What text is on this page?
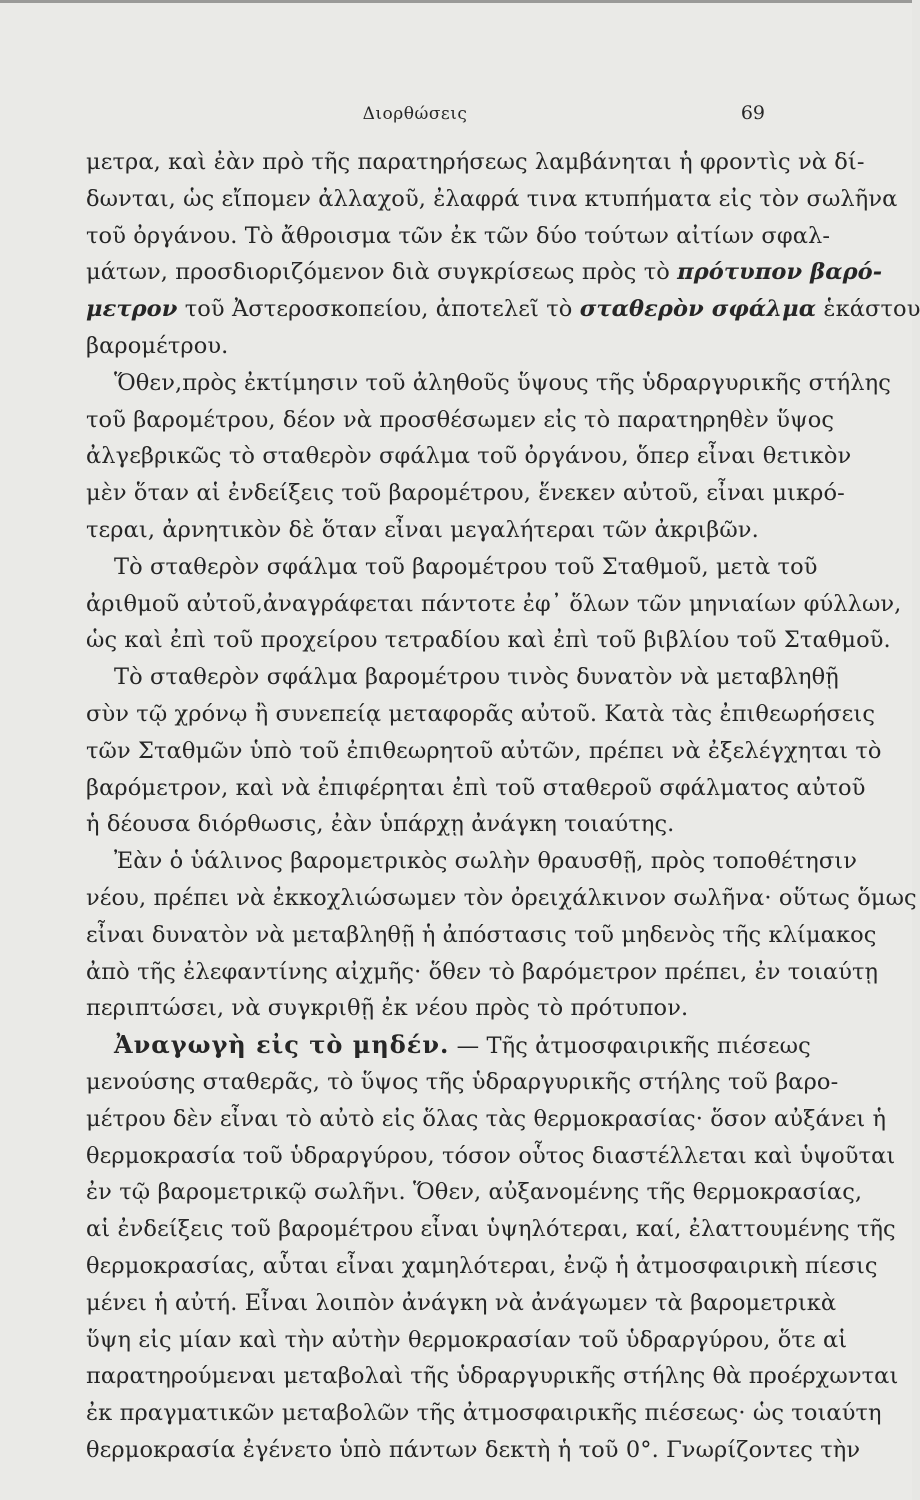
Διορθώσεις	69
μετρα, καὶ ἐὰν πρὸ τῆς παρατηρήσεως λαμβάνηται ἡ φροντὶς νὰ δί-
δωνται, ὡς εἴπομεν ἀλλαχοῦ, ἐλαφρά τινα κτυπήματα εἰς τὸν σωλῆνα
τοῦ ὀργάνου. Τὸ ἄθροισμα τῶν ἐκ τῶν δύο τούτων αἰτίων σφαλ-
μάτων, προσδιοριζόμενον διὰ συγκρίσεως πρὸς τὸ πρότυπον βαρό-
μετρον τοῦ Ἀστεροσκοπείου, ἀποτελεῖ τὸ σταθερὸν σφάλμα ἑκάστου
βαρομέτρου.
Ὅθεν,πρὸς ἐκτίμησιν τοῦ ἀληθοῦς ὕψους τῆς ὑδραργυρικῆς στήλης
τοῦ βαρομέτρου, δέον νὰ προσθέσωμεν εἰς τὸ παρατηρηθὲν ὕψος
ἀλγεβρικῶς τὸ σταθερὸν σφάλμα τοῦ ὀργάνου, ὅπερ εἶναι θετικὸν
μὲν ὅταν αἱ ἐνδείξεις τοῦ βαρομέτρου, ἕνεκεν αὐτοῦ, εἶναι μικρό-
τεραι, ἀρνητικὸν δὲ ὅταν εἶναι μεγαλήτεραι τῶν ἀκριβῶν.
Τὸ σταθερὸν σφάλμα τοῦ βαρομέτρου τοῦ Σταθμοῦ, μετὰ τοῦ
ἀριθμοῦ αὐτοῦ,ἀναγράφεται πάντοτε ἐφ᾽ ὅλων τῶν μηνιαίων φύλλων,
ὡς καὶ ἐπὶ τοῦ προχείρου τετραδίου καὶ ἐπὶ τοῦ βιβλίου τοῦ Σταθμοῦ.
Τὸ σταθερὸν σφάλμα βαρομέτρου τινὸς δυνατὸν νὰ μεταβληθῇ
σὺν τῷ χρόνῳ ἢ συνεπείᾳ μεταφορᾶς αὐτοῦ. Κατὰ τὰς ἐπιθεωρήσεις
τῶν Σταθμῶν ὑπὸ τοῦ ἐπιθεωρητοῦ αὐτῶν, πρέπει νὰ ἐξελέγχηται τὸ
βαρόμετρον, καὶ νὰ ἐπιφέρηται ἐπὶ τοῦ σταθεροῦ σφάλματος αὐτοῦ
ἡ δέουσα διόρθωσις, ἐὰν ὑπάρχῃ ἀνάγκη τοιαύτης.
Ἐὰν ὁ ὑάλινος βαρομετρικὸς σωλὴν θραυσθῇ, πρὸς τοποθέτησιν
νέου, πρέπει νὰ ἐκκοχλιώσωμεν τὸν ὀρειχάλκινον σωλῆνα· οὕτως ὅμως
εἶναι δυνατὸν νὰ μεταβληθῇ ἡ ἀπόστασις τοῦ μηδενὸς τῆς κλίμακος
ἀπὸ τῆς ἐλεφαντίνης αἰχμῆς· ὅθεν τὸ βαρόμετρον πρέπει, ἐν τοιαύτῃ
περιπτώσει, νὰ συγκριθῇ ἐκ νέου πρὸς τὸ πρότυπον.
Ἀναγωγὴ εἰς τὸ μηδέν. — Τῆς ἀτμοσφαιρικῆς πιέσεως
μενούσης σταθερᾶς, τὸ ὕψος τῆς ὑδραργυρικῆς στήλης τοῦ βαρο-
μέτρου δὲν εἶναι τὸ αὐτὸ εἰς ὅλας τὰς θερμοκρασίας· ὅσον αὐξάνει ἡ
θερμοκρασία τοῦ ὑδραργύρου, τόσον οὗτος διαστέλλεται καὶ ὑψοῦται
ἐν τῷ βαρομετρικῷ σωλῆνι. Ὅθεν, αὐξανομένης τῆς θερμοκρασίας,
αἱ ἐνδείξεις τοῦ βαρομέτρου εἶναι ὑψηλότεραι, καί, ἐλαττουμένης τῆς
θερμοκρασίας, αὗται εἶναι χαμηλότεραι, ἐνῷ ἡ ἀτμοσφαιρικὴ πίεσις
μένει ἡ αὐτή. Εἶναι λοιπὸν ἀνάγκη νὰ ἀνάγωμεν τὰ βαρομετρικὰ
ὕψη εἰς μίαν καὶ τὴν αὐτὴν θερμοκρασίαν τοῦ ὑδραργύρου, ὅτε αἱ
παρατηρούμεναι μεταβολαὶ τῆς ὑδραργυρικῆς στήλης θὰ προέρχωνται
ἐκ πραγματικῶν μεταβολῶν τῆς ἀτμοσφαιρικῆς πιέσεως· ὡς τοιαύτη
θερμοκρασία ἐγένετο ὑπὸ πάντων δεκτὴ ἡ τοῦ 0°. Γνωρίζοντες τὴν
